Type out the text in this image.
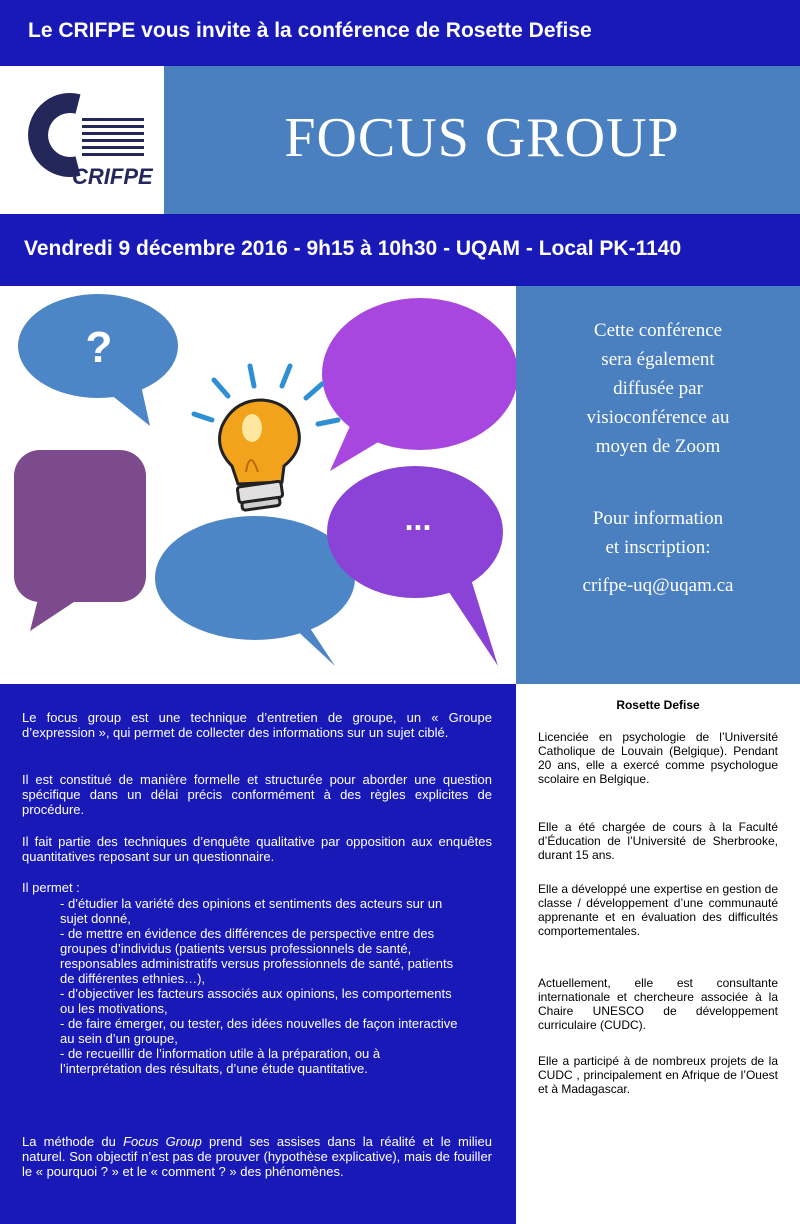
Le CRIFPE vous invite à la conférence de Rosette Defise
CRIFPE
FOCUS GROUP
Vendredi 9 décembre 2016 - 9h15 à 10h30 - UQAM - Local PK-1140
?
...

Cette conférence

sera également

diffusée par

visioconférence au

moyen de Zoom

Pour information

et inscription:

crifpe-uq@uqam.ca

Le focus group est une technique d’entretien de groupe, un « Groupe d’expression », qui permet de collecter des informations sur un sujet ciblé.

Il est constitué de manière formelle et structurée pour aborder une question spécifique dans un délai précis conformément à des règles explicites de procédure.

Il fait partie des techniques d’enquête qualitative par opposition aux enquêtes quantitatives reposant sur un questionnaire.

Il permet :

- d’étudier la variété des opinions et sentiments des acteurs sur un sujet donné,
- de mettre en évidence des différences de perspective entre des groupes d’individus (patients versus professionnels de santé, responsables administratifs versus professionnels de santé, patients de différentes ethnies…),
- d’objectiver les facteurs associés aux opinions, les comportements ou les motivations,
- de faire émerger, ou tester, des idées nouvelles de façon interactive au sein d’un groupe,
- de recueillir de l’information utile à la préparation, ou à l’interprétation des résultats, d’une étude quantitative.

La méthode du Focus Group prend ses assises dans la réalité et le milieu naturel. Son objectif n’est pas de prouver (hypothèse explicative), mais de fouiller le « pourquoi ? » et le « comment ? » des phénomènes.

Rosette Defise

Licenciée en psychologie de l’Université Catholique de Louvain (Belgique). Pendant 20 ans, elle a exercé comme psychologue scolaire en Belgique.

Elle a été chargée de cours à la Faculté d’Éducation de l’Université de Sherbrooke, durant 15 ans.

Elle a développé une expertise en gestion de classe / développement d’une communauté apprenante et en évaluation des difficultés comportementales.

Actuellement, elle est consultante internationale et chercheure associée à la Chaire UNESCO de développement curriculaire (CUDC).

Elle a participé à de nombreux projets de la CUDC , principalement en Afrique de l’Ouest et à Madagascar.
